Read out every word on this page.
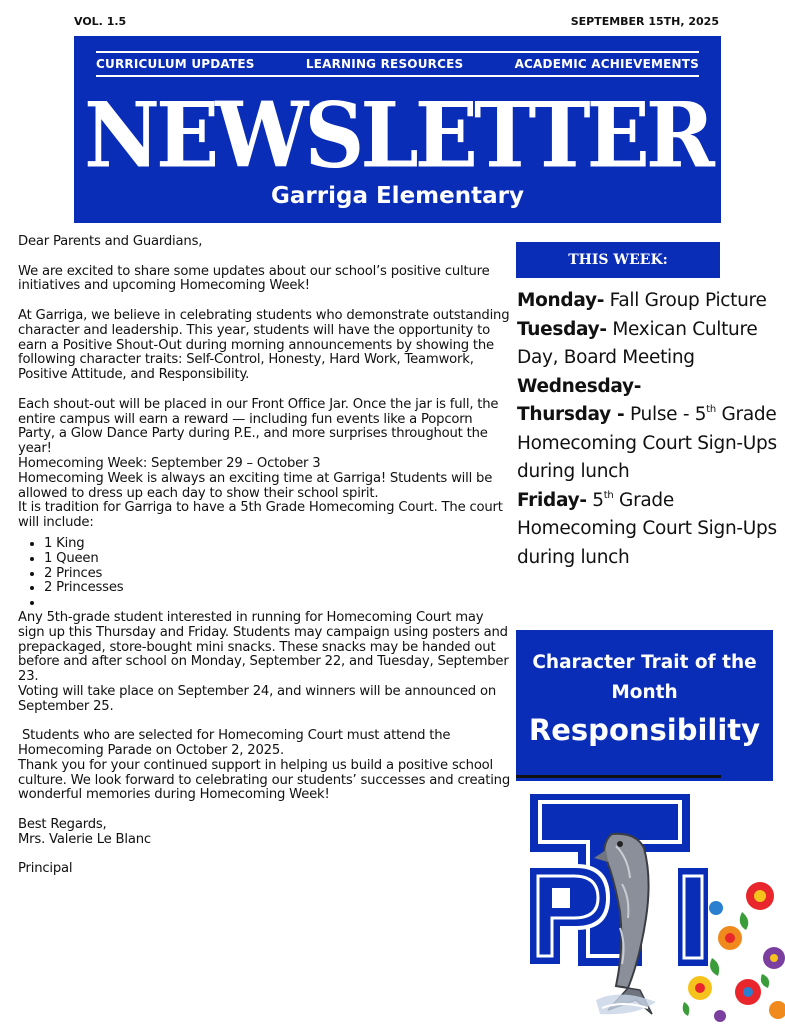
VOL. 1.5	SEPTEMBER 15TH, 2025
CURRICULUM UPDATES	LEARNING RESOURCES	ACADEMIC ACHIEVEMENTS
NEWSLETTER
Garriga Elementary

Dear Parents and Guardians,

We are excited to share some updates about our school’s positive culture initiatives and upcoming Homecoming Week!

At Garriga, we believe in celebrating students who demonstrate outstanding character and leadership. This year, students will have the opportunity to earn a Positive Shout-Out during morning announcements by showing the following character traits: Self-Control, Honesty, Hard Work, Teamwork, Positive Attitude, and Responsibility.

Each shout-out will be placed in our Front Office Jar. Once the jar is full, the entire campus will earn a reward — including fun events like a Popcorn Party, a Glow Dance Party during P.E., and more surprises throughout the year!

Homecoming Week: September 29 – October 3

Homecoming Week is always an exciting time at Garriga! Students will be allowed to dress up each day to show their school spirit.

It is tradition for Garriga to have a 5th Grade Homecoming Court. The court will include:

• 1 King
• 1 Queen
• 2 Princes
• 2 Princesses
•

Any 5th-grade student interested in running for Homecoming Court may sign up this Thursday and Friday. Students may campaign using posters and prepackaged, store-bought mini snacks. These snacks may be handed out before and after school on Monday, September 22, and Tuesday, September 23.

Voting will take place on September 24, and winners will be announced on September 25.

Students who are selected for Homecoming Court must attend the Homecoming Parade on October 2, 2025.

Thank you for your continued support in helping us build a positive school culture. We look forward to celebrating our students’ successes and creating wonderful memories during Homecoming Week!

Best Regards,

Mrs. Valerie Le Blanc

Principal

THIS WEEK:

Monday- Fall Group Picture

Tuesday- Mexican Culture Day, Board Meeting

Wednesday-

Thursday - Pulse - 5th Grade Homecoming Court Sign-Ups during lunch

Friday- 5th Grade Homecoming Court Sign-Ups during lunch

Character Trait of the Month
Responsibility
